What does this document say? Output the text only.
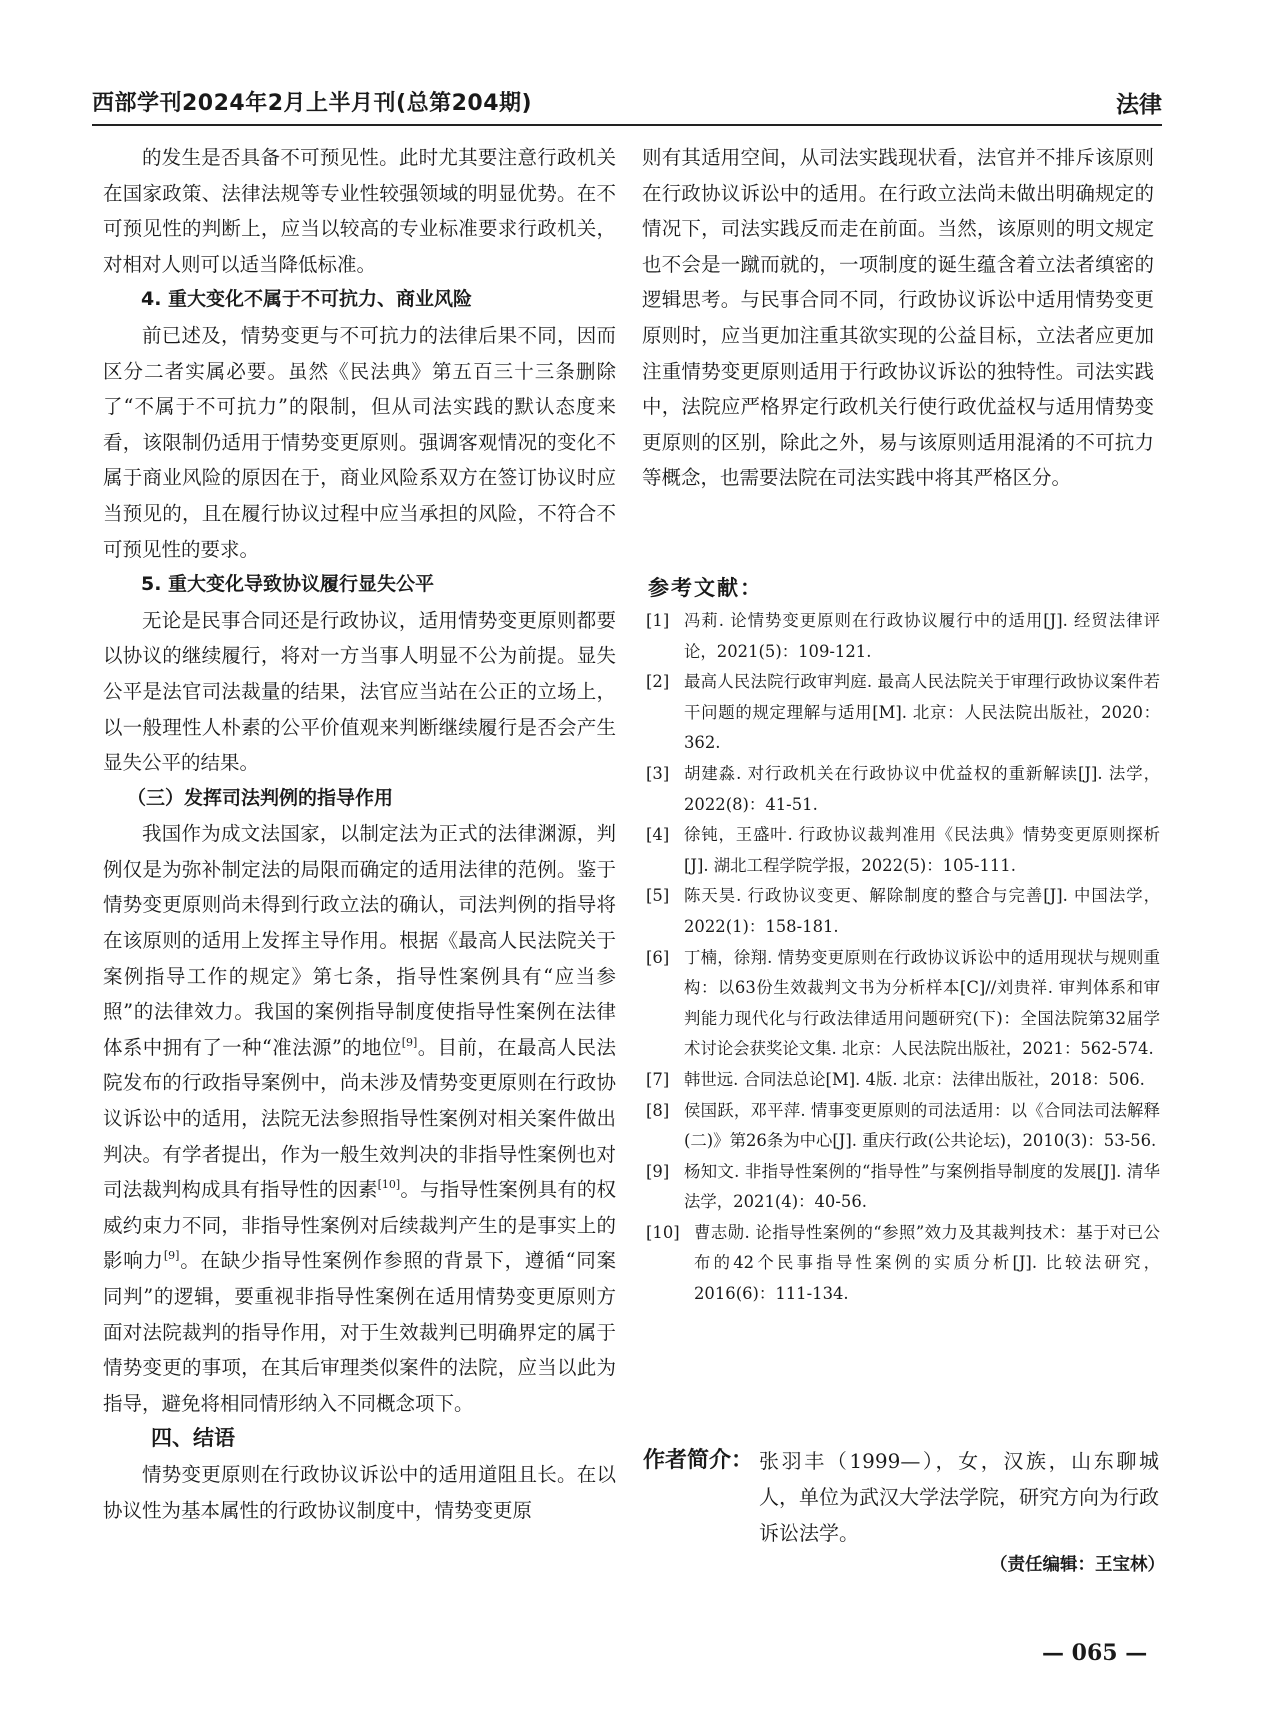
西部学刊2024年2月上半月刊(总第204期)	法律

的发生是否具备不可预见性。此时尤其要注意行政机关在国家政策、法律法规等专业性较强领域的明显优势。在不可预见性的判断上，应当以较高的专业标准要求行政机关，对相对人则可以适当降低标准。

4. 重大变化不属于不可抗力、商业风险

前已述及，情势变更与不可抗力的法律后果不同，因而区分二者实属必要。虽然《民法典》第五百三十三条删除了“不属于不可抗力”的限制，但从司法实践的默认态度来看，该限制仍适用于情势变更原则。强调客观情况的变化不属于商业风险的原因在于，商业风险系双方在签订协议时应当预见的，且在履行协议过程中应当承担的风险，不符合不可预见性的要求。

5. 重大变化导致协议履行显失公平

无论是民事合同还是行政协议，适用情势变更原则都要以协议的继续履行，将对一方当事人明显不公为前提。显失公平是法官司法裁量的结果，法官应当站在公正的立场上，以一般理性人朴素的公平价值观来判断继续履行是否会产生显失公平的结果。

（三）发挥司法判例的指导作用

我国作为成文法国家，以制定法为正式的法律渊源，判例仅是为弥补制定法的局限而确定的适用法律的范例。鉴于情势变更原则尚未得到行政立法的确认，司法判例的指导将在该原则的适用上发挥主导作用。根据《最高人民法院关于案例指导工作的规定》第七条，指导性案例具有“应当参照”的法律效力。我国的案例指导制度使指导性案例在法律体系中拥有了一种“准法源”的地位[9]。目前，在最高人民法院发布的行政指导案例中，尚未涉及情势变更原则在行政协议诉讼中的适用，法院无法参照指导性案例对相关案件做出判决。有学者提出，作为一般生效判决的非指导性案例也对司法裁判构成具有指导性的因素[10]。与指导性案例具有的权威约束力不同，非指导性案例对后续裁判产生的是事实上的影响力[9]。在缺少指导性案例作参照的背景下，遵循“同案同判”的逻辑，要重视非指导性案例在适用情势变更原则方面对法院裁判的指导作用，对于生效裁判已明确界定的属于情势变更的事项，在其后审理类似案件的法院，应当以此为指导，避免将相同情形纳入不同概念项下。

四、结语

情势变更原则在行政协议诉讼中的适用道阻且长。在以协议性为基本属性的行政协议制度中，情势变更原

则有其适用空间，从司法实践现状看，法官并不排斥该原则在行政协议诉讼中的适用。在行政立法尚未做出明确规定的情况下，司法实践反而走在前面。当然，该原则的明文规定也不会是一蹴而就的，一项制度的诞生蕴含着立法者缜密的逻辑思考。与民事合同不同，行政协议诉讼中适用情势变更原则时，应当更加注重其欲实现的公益目标，立法者应更加注重情势变更原则适用于行政协议诉讼的独特性。司法实践中，法院应严格界定行政机关行使行政优益权与适用情势变更原则的区别，除此之外，易与该原则适用混淆的不可抗力等概念，也需要法院在司法实践中将其严格区分。

参考文献：
[1] 冯莉. 论情势变更原则在行政协议履行中的适用[J]. 经贸法律评论，2021(5)：109-121.
[2] 最高人民法院行政审判庭. 最高人民法院关于审理行政协议案件若干问题的规定理解与适用[M]. 北京：人民法院出版社，2020：362.
[3] 胡建淼. 对行政机关在行政协议中优益权的重新解读[J]. 法学，2022(8)：41-51.
[4] 徐钝，王盛叶. 行政协议裁判准用《民法典》情势变更原则探析[J]. 湖北工程学院学报，2022(5)：105-111.
[5] 陈天昊. 行政协议变更、解除制度的整合与完善[J]. 中国法学，2022(1)：158-181.
[6] 丁楠，徐翔. 情势变更原则在行政协议诉讼中的适用现状与规则重构：以63份生效裁判文书为分析样本[C]//刘贵祥. 审判体系和审判能力现代化与行政法律适用问题研究(下)：全国法院第32届学术讨论会获奖论文集. 北京：人民法院出版社，2021：562-574.
[7] 韩世远. 合同法总论[M]. 4版. 北京：法律出版社，2018：506.
[8] 侯国跃，邓平萍. 情事变更原则的司法适用：以《合同法司法解释(二)》第26条为中心[J]. 重庆行政(公共论坛)，2010(3)：53-56.
[9] 杨知文. 非指导性案例的“指导性”与案例指导制度的发展[J]. 清华法学，2021(4)：40-56.
[10] 曹志勋. 论指导性案例的“参照”效力及其裁判技术：基于对已公布的42个民事指导性案例的实质分析[J]. 比较法研究，2016(6)：111-134.
作者简介： 张羽丰（1999—），女，汉族，山东聊城人，单位为武汉大学法学院，研究方向为行政诉讼法学。
（责任编辑：王宝林）
— 065 —
